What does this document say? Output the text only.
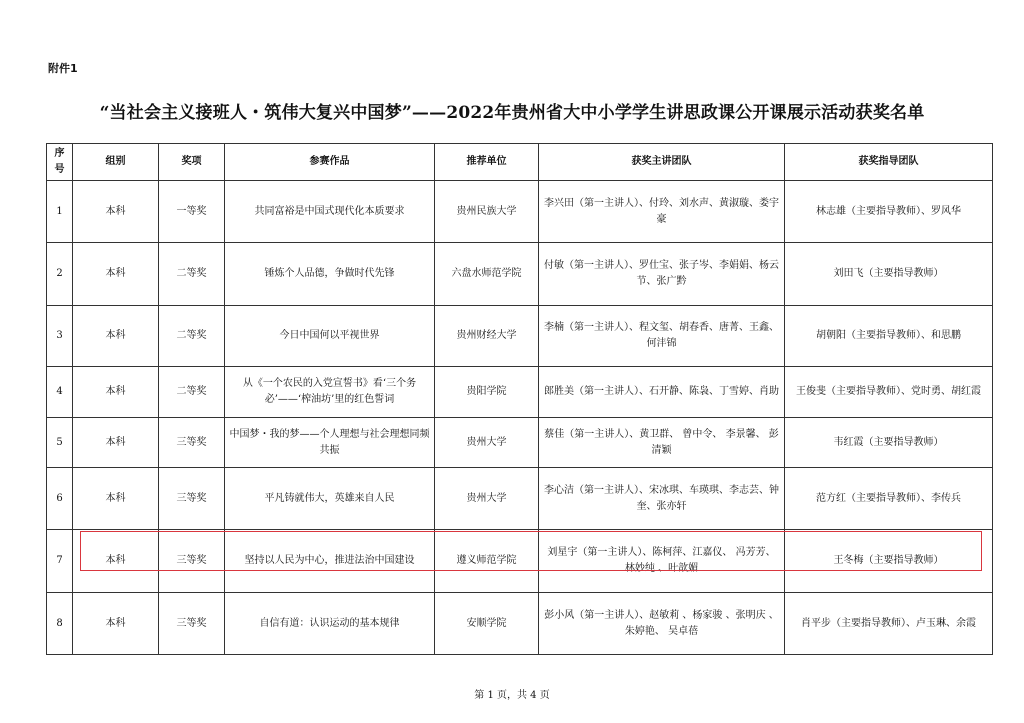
附件1
“当社会主义接班人・筑伟大复兴中国梦”——2022年贵州省大中小学学生讲思政课公开课展示活动获奖名单
序号	组别	奖项	参赛作品	推荐单位	获奖主讲团队	获奖指导团队
1	本科	一等奖	共同富裕是中国式现代化本质要求	贵州民族大学	李兴田（第一主讲人）、付玲、刘水声、黄淑璇、娄宇豪	林志雄（主要指导教师）、罗风华
2	本科	二等奖	锤炼个人品德，争做时代先锋	六盘水师范学院	付敏（第一主讲人）、罗仕宝、张子岑、李娟娟、杨云节、张广黔	刘田飞（主要指导教师）
3	本科	二等奖	今日中国何以平视世界	贵州财经大学	李楠（第一主讲人）、程文玺、胡春香、唐菁、王鑫、何沣锦	胡朝阳（主要指导教师）、和思鹏
4	本科	二等奖	从《一个农民的入党宣誓书》看‘三个务必’——‘榨油坊’里的红色誓词	贵阳学院	郎胜美（第一主讲人）、石开静、陈袅、丁雪婷、肖助	王俊斐（主要指导教师）、党时勇、胡红霞
5	本科	三等奖	中国梦・我的梦——个人理想与社会理想同频共振	贵州大学	蔡佳（第一主讲人）、黄卫群、 曾中令、 李景馨、 彭清颖	韦红霞（主要指导教师）
6	本科	三等奖	平凡铸就伟大，英雄来自人民	贵州大学	李心洁（第一主讲人）、宋冰琪、车瑛琪、李志芸、钟奎、张亦轩	范方红（主要指导教师）、李传兵
7	本科	三等奖	坚持以人民为中心，推进法治中国建设	遵义师范学院	刘星宇（第一主讲人）、陈柯萍、江嘉仪、 冯芳芳、林妙纯 、叶歆媚	王冬梅（主要指导教师）
8	本科	三等奖	自信有道：认识运动的基本规律	安顺学院	彭小风（第一主讲人）、赵敏莉 、杨家骏 、张明庆 、朱婷艳、 吴卓蓓	肖平步（主要指导教师）、卢玉琳、余霞
第 1 页，共 4 页
